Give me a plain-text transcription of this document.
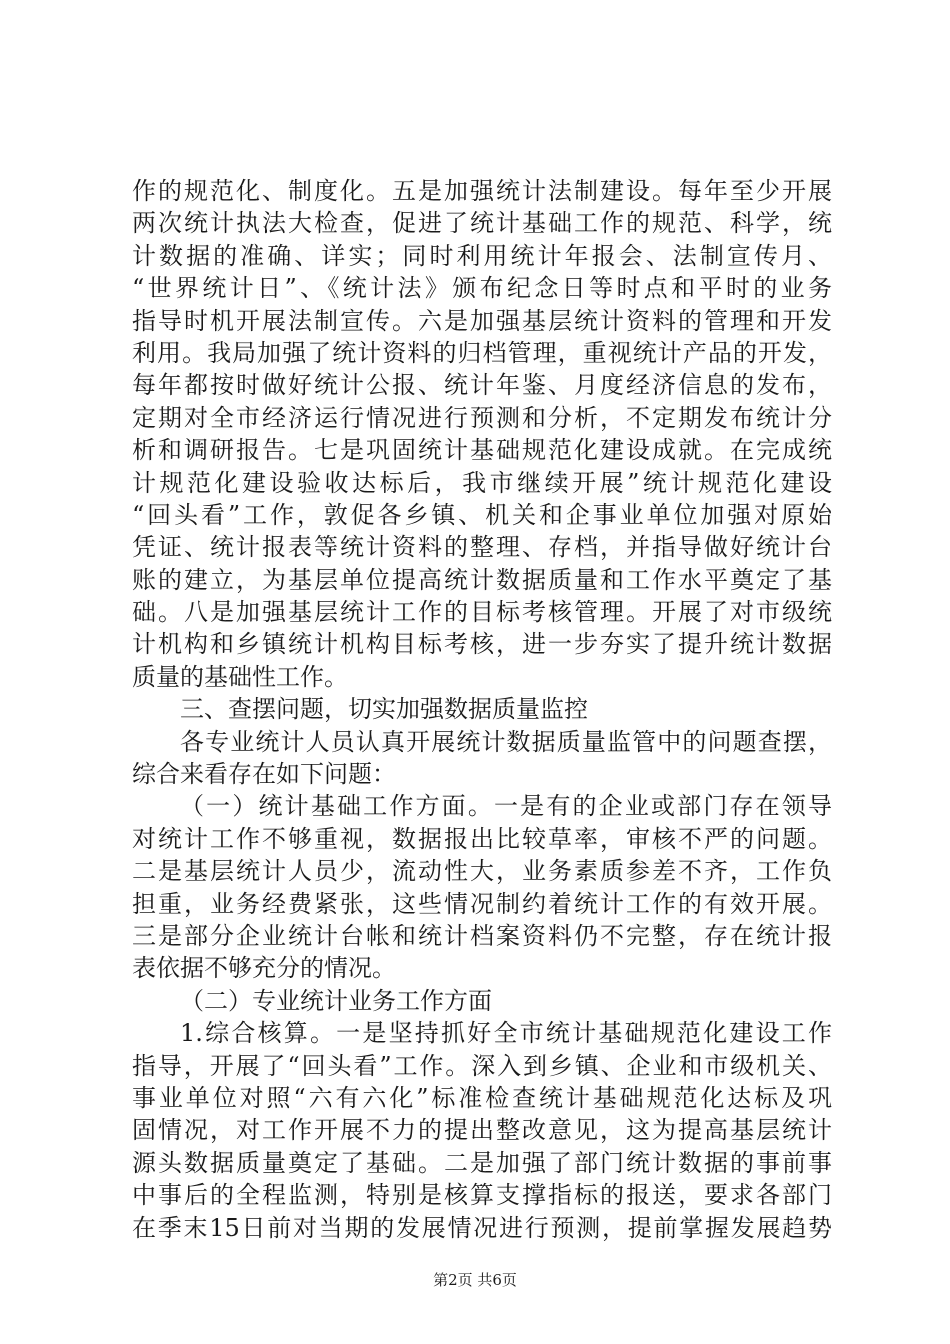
作的规范化、制度化。五是加强统计法制建设。每年至少开展
两次统计执法大检查，促进了统计基础工作的规范、科学，统
计数据的准确、详实；同时利用统计年报会、法制宣传月、
“世界统计日”、《统计法》颁布纪念日等时点和平时的业务
指导时机开展法制宣传。六是加强基层统计资料的管理和开发
利用。我局加强了统计资料的归档管理，重视统计产品的开发，
每年都按时做好统计公报、统计年鉴、月度经济信息的发布，
定期对全市经济运行情况进行预测和分析，不定期发布统计分
析和调研报告。七是巩固统计基础规范化建设成就。在完成统
计规范化建设验收达标后，我市继续开展”统计规范化建设
“回头看”工作，敦促各乡镇、机关和企事业单位加强对原始
凭证、统计报表等统计资料的整理、存档，并指导做好统计台
账的建立，为基层单位提高统计数据质量和工作水平奠定了基
础。八是加强基层统计工作的目标考核管理。开展了对市级统
计机构和乡镇统计机构目标考核，进一步夯实了提升统计数据
质量的基础性工作。
三、查摆问题，切实加强数据质量监控
各专业统计人员认真开展统计数据质量监管中的问题查摆，
综合来看存在如下问题：
（一）统计基础工作方面。一是有的企业或部门存在领导
对统计工作不够重视，数据报出比较草率，审核不严的问题。
二是基层统计人员少，流动性大，业务素质参差不齐，工作负
担重，业务经费紧张，这些情况制约着统计工作的有效开展。
三是部分企业统计台帐和统计档案资料仍不完整，存在统计报
表依据不够充分的情况。
（二）专业统计业务工作方面
1.综合核算。一是坚持抓好全市统计基础规范化建设工作
指导，开展了“回头看”工作。深入到乡镇、企业和市级机关、
事业单位对照“六有六化”标准检查统计基础规范化达标及巩
固情况，对工作开展不力的提出整改意见，这为提高基层统计
源头数据质量奠定了基础。二是加强了部门统计数据的事前事
中事后的全程监测，特别是核算支撑指标的报送，要求各部门
在季末15日前对当期的发展情况进行预测，提前掌握发展趋势
第2页 共6页
